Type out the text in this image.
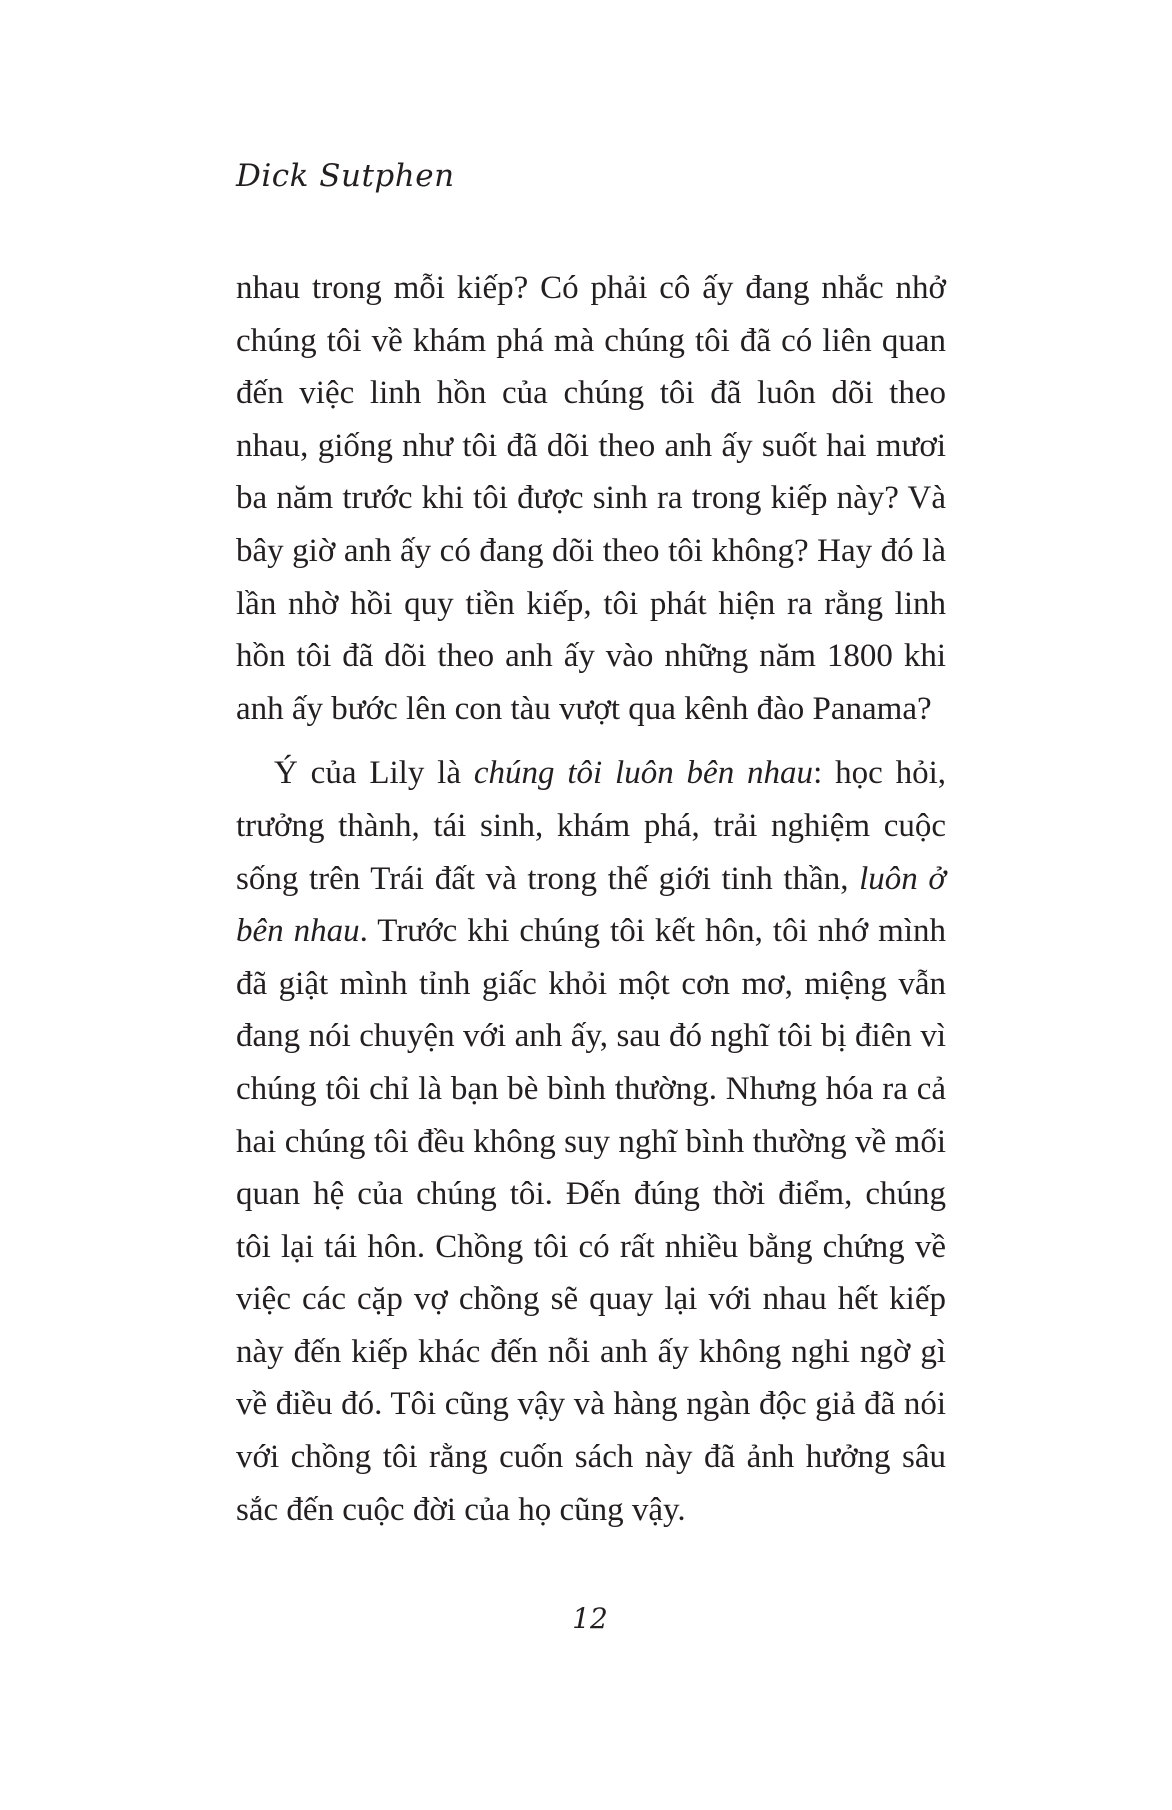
Dick Sutphen

nhau trong mỗi kiếp? Có phải cô ấy đang nhắc nhở chúng tôi về khám phá mà chúng tôi đã có liên quan đến việc linh hồn của chúng tôi đã luôn dõi theo nhau, giống như tôi đã dõi theo anh ấy suốt hai mươi ba năm trước khi tôi được sinh ra trong kiếp này? Và bây giờ anh ấy có đang dõi theo tôi không? Hay đó là lần nhờ hồi quy tiền kiếp, tôi phát hiện ra rằng linh hồn tôi đã dõi theo anh ấy vào những năm 1800 khi anh ấy bước lên con tàu vượt qua kênh đào Panama?

Ý của Lily là chúng tôi luôn bên nhau: học hỏi, trưởng thành, tái sinh, khám phá, trải nghiệm cuộc sống trên Trái đất và trong thế giới tinh thần, luôn ở bên nhau. Trước khi chúng tôi kết hôn, tôi nhớ mình đã giật mình tỉnh giấc khỏi một cơn mơ, miệng vẫn đang nói chuyện với anh ấy, sau đó nghĩ tôi bị điên vì chúng tôi chỉ là bạn bè bình thường. Nhưng hóa ra cả hai chúng tôi đều không suy nghĩ bình thường về mối quan hệ của chúng tôi. Đến đúng thời điểm, chúng tôi lại tái hôn. Chồng tôi có rất nhiều bằng chứng về việc các cặp vợ chồng sẽ quay lại với nhau hết kiếp này đến kiếp khác đến nỗi anh ấy không nghi ngờ gì về điều đó. Tôi cũng vậy và hàng ngàn độc giả đã nói với chồng tôi rằng cuốn sách này đã ảnh hưởng sâu sắc đến cuộc đời của họ cũng vậy.

12
